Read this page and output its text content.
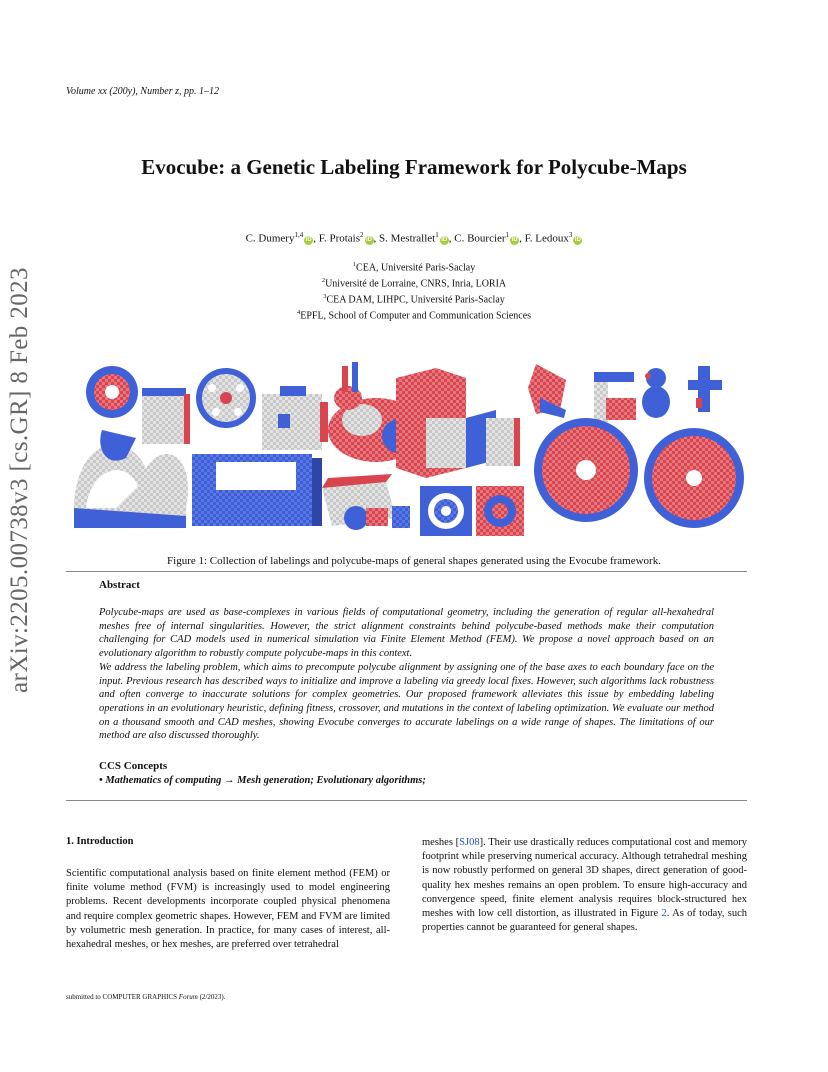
Volume xx (200y), Number z, pp. 1–12
Evocube: a Genetic Labeling Framework for Polycube-Maps
C. Dumery$^{1,4}$iD , F. Protais$^2$iD , S. Mestrallet$^1$iD , C. Bourcier$^1$iD , F. Ledoux$^3$iD
$^1$CEA, Université Paris-Saclay
$^2$Université de Lorraine, CNRS, Inria, LORIA
$^3$CEA DAM, LIHPC, Université Paris-Saclay
$^4$EPFL, School of Computer and Communication Sciences
arXiv:2205.00738v3 [cs.GR] 8 Feb 2023	Figure 1: Collection of labelings and polycube-maps of general shapes generated using the Evocube framework.
Abstract

Polycube-maps are used as base-complexes in various fields of computational geometry, including the generation of regular all-hexahedral meshes free of internal singularities. However, the strict alignment constraints behind polycube-based methods make their computation challenging for CAD models used in numerical simulation via Finite Element Method (FEM). We propose a novel approach based on an evolutionary algorithm to robustly compute polycube-maps in this context.

We address the labeling problem, which aims to precompute polycube alignment by assigning one of the base axes to each boundary face on the input. Previous research has described ways to initialize and improve a labeling via greedy local fixes. However, such algorithms lack robustness and often converge to inaccurate solutions for complex geometries. Our proposed framework alleviates this issue by embedding labeling operations in an evolutionary heuristic, defining fitness, crossover, and mutations in the context of labeling optimization. We evaluate our method on a thousand smooth and CAD meshes, showing Evocube converges to accurate labelings on a wide range of shapes. The limitations of our method are also discussed thoroughly.

CCS Concepts
• Mathematics of computing → Mesh generation; Evolutionary algorithms;
1. Introduction

Scientific computational analysis based on finite element method (FEM) or finite volume method (FVM) is increasingly used to model engineering problems. Recent developments incorporate coupled physical phenomena and require complex geometric shapes. However, FEM and FVM are limited by volumetric mesh generation. In practice, for many cases of interest, all-hexahedral meshes, or hex meshes, are preferred over tetrahedral

meshes [SJ08]. Their use drastically reduces computational cost and memory footprint while preserving numerical accuracy. Although tetrahedral meshing is now robustly performed on general 3D shapes, direct generation of good-quality hex meshes remains an open problem. To ensure high-accuracy and convergence speed, finite element analysis requires block-structured hex meshes with low cell distortion, as illustrated in Figure 2. As of today, such properties cannot be guaranteed for general shapes.

submitted to COMPUTER GRAPHICS Forum (2/2023).
